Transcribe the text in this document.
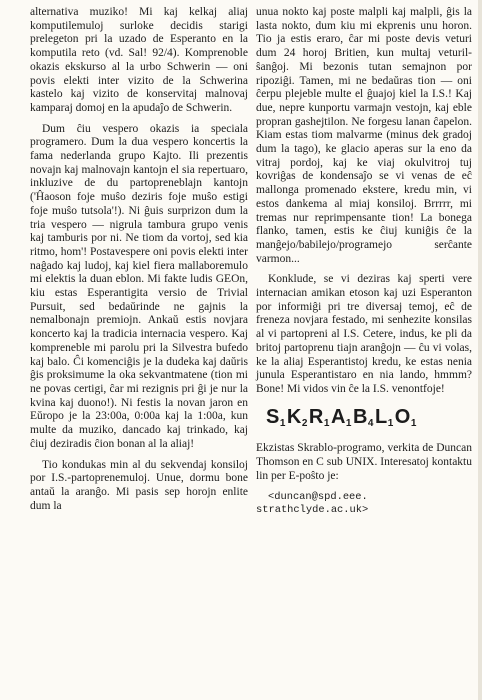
alternativa muziko! Mi kaj kelkaj aliaj komputilemuloj surloke decidis starigi prelegeton pri la uzado de Esperanto en la komputila reto (vd. Sal! 92/4). Komprenoble okazis ekskurso al la urbo Schwerin — oni povis elekti inter vizito de la Schwerina kastelo kaj vizito de konservitaj malnovaj kamparaj domoj en la apudaĵo de Schwerin.

Dum ĉiu vespero okazis ia speciala programero. Dum la dua vespero koncertis la fama nederlanda grupo Kajto. Ili prezentis novajn kaj malnovajn kantojn el sia repertuaro, inkluzive de du partopreneblajn kantojn ('Ĥaoson foje muŝo deziris foje muŝo estigi foje muŝo tutsola'!). Ni ĝuis surprizon dum la tria vespero — nigrula tambura grupo venis kaj tamburis por ni. Ne tiom da vortoj, sed kia ritmo, hom'! Postavespere oni povis elekti inter naĝado kaj ludoj, kaj kiel fiera mallaboremulo mi elektis la duan eblon. Mi fakte ludis GEOn, kiu estas Esperantigita versio de Trivial Pursuit, sed bedaŭrinde ne gajnis la nemalbonajn premiojn. Ankaŭ estis novjara koncerto kaj la tradicia internacia vespero. Kaj kompreneble mi parolu pri la Silvestra bufedo kaj balo. Ĉi komenciĝis je la dudeka kaj daŭris ĝis proksimume la oka sekvantmatene (tion mi ne povas certigi, ĉar mi rezignis pri ĝi je nur la kvina kaj duono!). Ni festis la novan jaron en Eŭropo je la 23:00a, 0:00a kaj la 1:00a, kun multe da muziko, dancado kaj trinkado, kaj ĉiuj deziradis ĉion bonan al la aliaj!

Tio kondukas min al du sekvendaj konsiloj por I.S.-partoprenemuloj. Unue, dormu bone antaŭ la aranĝo. Mi pasis sep horojn enlite dum la

unua nokto kaj poste malpli kaj malpli, ĝis la lasta nokto, dum kiu mi ekprenis unu horon. Tio ja estis eraro, ĉar mi poste devis veturi dum 24 horoj Britien, kun multaj veturil-ŝanĝoj. Mi bezonis tutan semajnon por ripoziĝi. Tamen, mi ne bedaŭras tion — oni ĉerpu plejeble multe el ĝuajoj kiel la I.S.! Kaj due, nepre kunportu varmajn vestojn, kaj eble propran gashejtilon. Ne forgesu lanan ĉapelon. Kiam estas tiom malvarme (minus dek gradoj dum la tago), ke glacio aperas sur la eno da vitraj pordoj, kaj ke viaj okulvitroj tuj kovriĝas de kondensaĵo se vi venas de eĉ mallonga promenado ekstere, kredu min, vi estos dankema al miaj konsiloj. Brrrrr, mi tremas nur reprimpensante tion! La bonega flanko, tamen, estis ke ĉiuj kuniĝis ĉe la manĝejo/babilejo/programejo serĉante varmon...

Konklude, se vi deziras kaj sperti vere internacian amikan etoson kaj uzi Esperanton por informiĝi pri tre diversaj temoj, eĉ de freneza novjara festado, mi senhezite konsilas al vi partopreni al I.S. Cetere, indus, ke pli da britoj partoprenu tiajn aranĝojn — ĉu vi volas, ke la aliaj Esperantistoj kredu, ke estas nenia junula Esperantistaro en nia lando, hmmm? Bone! Mi vidos vin ĉe la I.S. venontfoje!

$S_1K_2R_1A_1B_4L_1O_1$

Ekzistas Skrablo-programo, verkita de Duncan Thomson en C sub UNIX. Interesatoj kontaktu lin per E-poŝto je:

<duncan@spd.eee.
strathclyde.ac.uk>
